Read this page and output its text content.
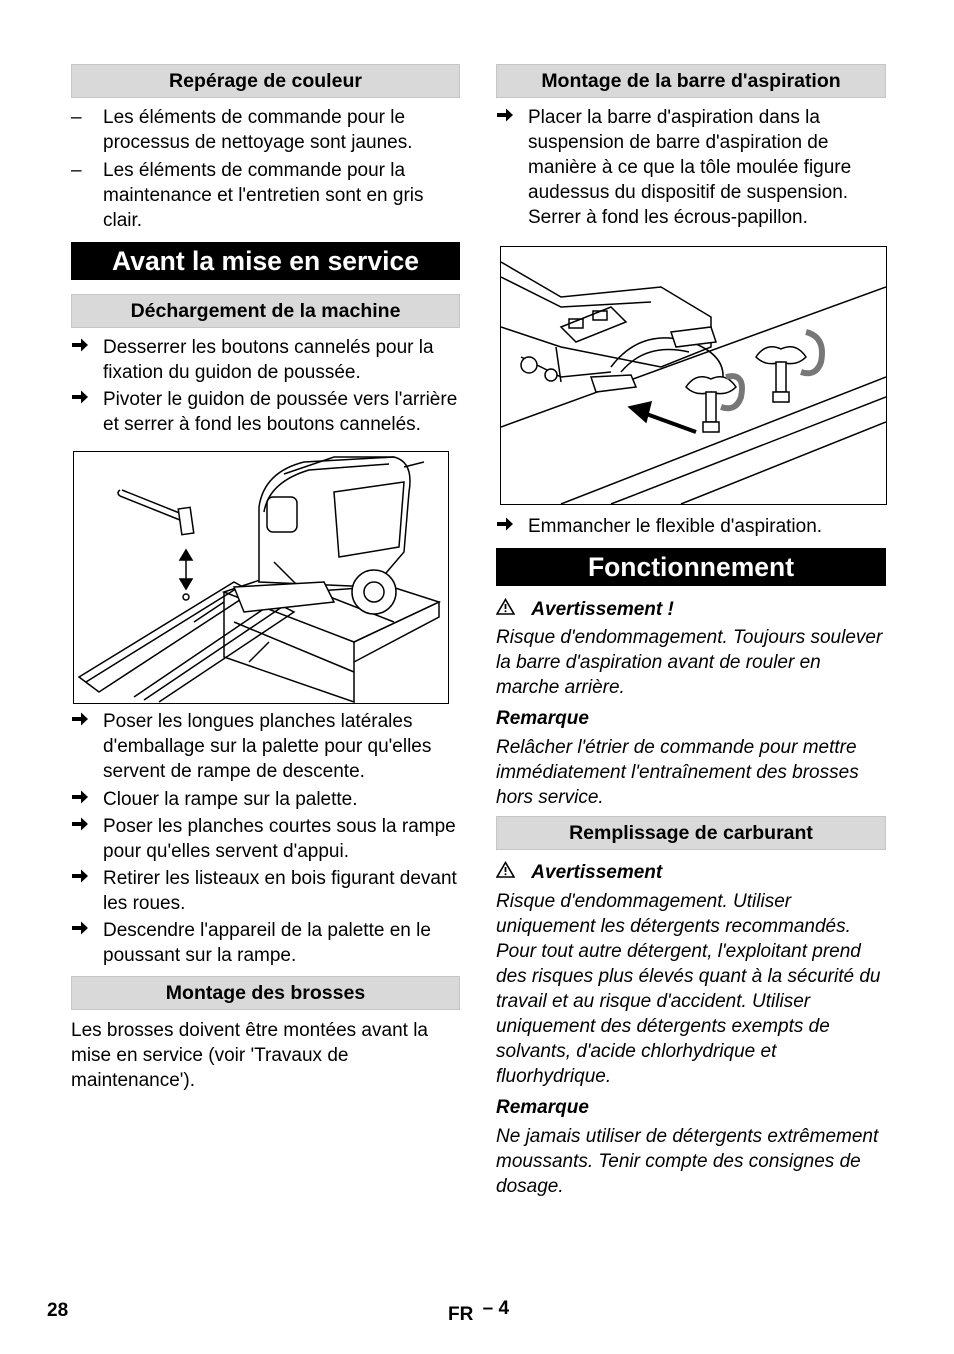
Repérage de couleur
–	Les éléments de commande pour le processus de nettoyage sont jaunes.
–	Les éléments de commande pour la maintenance et l'entretien sont en gris clair.
Avant la mise en service
Déchargement de la machine
Desserrer les boutons cannelés pour la fixation du guidon de poussée.
Pivoter le guidon de poussée vers l'arrière et serrer à fond les boutons cannelés.
Poser les longues planches latérales d'emballage sur la palette pour qu'elles servent de rampe de descente.
Clouer la rampe sur la palette.
Poser les planches courtes sous la rampe pour qu'elles servent d'appui.
Retirer les listeaux en bois figurant devant les roues.
Descendre l'appareil de la palette en le poussant sur la rampe.
Montage des brosses
Les brosses doivent être montées avant la mise en service (voir 'Travaux de maintenance').
Montage de la barre d'aspiration
Placer la barre d'aspiration dans la suspension de barre d'aspiration de manière à ce que la tôle moulée figure audessus du dispositif de suspension. Serrer à fond les écrous-papillon.
Emmancher le flexible d'aspiration.
Fonctionnement
Avertissement !
Risque d'endommagement. Toujours soulever la barre d'aspiration avant de rouler en marche arrière.
Remarque
Relâcher l'étrier de commande pour mettre immédiatement l'entraînement des brosses hors service.
Remplissage de carburant
Avertissement
Risque d'endommagement. Utiliser uniquement les détergents recommandés. Pour tout autre détergent, l'exploitant prend des risques plus élevés quant à la sécurité du travail et au risque d'accident. Utiliser uniquement des détergents exempts de solvants, d'acide chlorhydrique et fluorhydrique.
Remarque
Ne jamais utiliser de détergents extrêmement moussants. Tenir compte des consignes de dosage.
28	FR – 4
